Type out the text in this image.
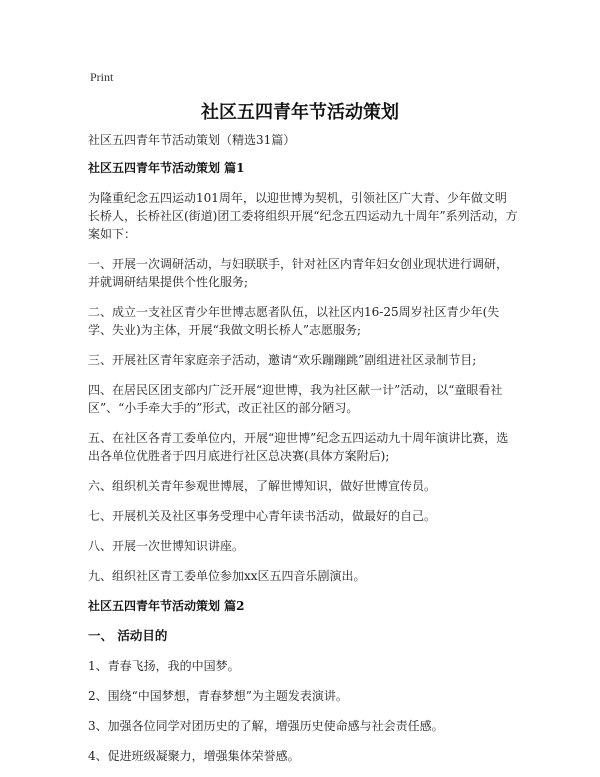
Print
社区五四青年节活动策划

社区五四青年节活动策划（精选31篇）

社区五四青年节活动策划 篇1

为隆重纪念五四运动101周年，以迎世博为契机，引领社区广大青、少年做文明长桥人，长桥社区(街道)团工委将组织开展“纪念五四运动九十周年”系列活动，方案如下：

一、开展一次调研活动，与妇联联手，针对社区内青年妇女创业现状进行调研，并就调研结果提供个性化服务;

二、成立一支社区青少年世博志愿者队伍，以社区内16-25周岁社区青少年(失学、失业)为主体，开展“我做文明长桥人”志愿服务;

三、开展社区青年家庭亲子活动，邀请“欢乐蹦蹦跳”剧组进社区录制节目;

四、在居民区团支部内广泛开展“迎世博，我为社区献一计”活动，以“童眼看社区”、“小手牵大手的”形式，改正社区的部分陋习。

五、在社区各青工委单位内，开展“迎世博”纪念五四运动九十周年演讲比赛，选出各单位优胜者于四月底进行社区总决赛(具体方案附后);

六、组织机关青年参观世博展，了解世博知识，做好世博宣传员。

七、开展机关及社区事务受理中心青年读书活动，做最好的自己。

八、开展一次世博知识讲座。

九、组织社区青工委单位参加xx区五四音乐剧演出。

社区五四青年节活动策划 篇2

一、 活动目的

1、青春飞扬，我的中国梦。

2、围绕“中国梦想，青春梦想”为主题发表演讲。

3、加强各位同学对团历史的了解，增强历史使命感与社会责任感。

4、促进班级凝聚力，增强集体荣誉感。
